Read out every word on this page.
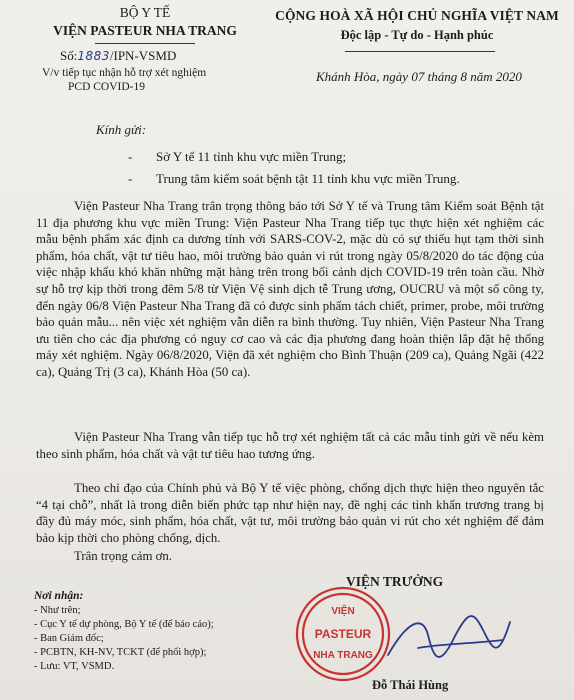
BỘ Y TẾ
VIỆN PASTEUR NHA TRANG
CỘNG HOÀ XÃ HỘI CHỦ NGHĨA VIỆT NAM
Độc lập - Tự do - Hạnh phúc
Số:1883/IPN-VSMD
Khánh Hòa, ngày 07 tháng 8 năm 2020
V/v tiếp tục nhận hỗ trợ xét nghiệm
PCD COVID-19
Kính gửi:
- Sở Y tế 11 tỉnh khu vực miền Trung;
- Trung tâm kiểm soát bệnh tật 11 tỉnh khu vực miền Trung.

Viện Pasteur Nha Trang trân trọng thông báo tới Sở Y tế và Trung tâm Kiểm soát Bệnh tật 11 địa phương khu vực miền Trung: Viện Pasteur Nha Trang tiếp tục thực hiện xét nghiệm các mẫu bệnh phẩm xác định ca dương tính với SARS-COV-2, mặc dù có sự thiếu hụt tạm thời sinh phẩm, hóa chất, vật tư tiêu hao, môi trường bảo quản vi rút trong ngày 05/8/2020 do tác động của việc nhập khẩu khó khăn những mặt hàng trên trong bối cảnh dịch COVID-19 trên toàn cầu. Nhờ sự hỗ trợ kịp thời trong đêm 5/8 từ Viện Vệ sinh dịch tễ Trung ương, OUCRU và một số công ty, đến ngày 06/8 Viện Pasteur Nha Trang đã có được sinh phẩm tách chiết, primer, probe, môi trường bảo quản mẫu... nên việc xét nghiệm vẫn diễn ra bình thường. Tuy nhiên, Viện Pasteur Nha Trang ưu tiên cho các địa phương có nguy cơ cao và các địa phương đang hoàn thiện lắp đặt hệ thống máy xét nghiệm. Ngày 06/8/2020, Viện đã xét nghiệm cho Bình Thuận (209 ca), Quảng Ngãi (422 ca), Quảng Trị (3 ca), Khánh Hòa (50 ca).

Viện Pasteur Nha Trang vẫn tiếp tục hỗ trợ xét nghiệm tất cả các mẫu tỉnh gửi về nếu kèm theo sinh phẩm, hóa chất và vật tư tiêu hao tương ứng.

Theo chỉ đạo của Chính phủ và Bộ Y tế việc phòng, chống dịch thực hiện theo nguyên tắc “4 tại chỗ”, nhất là trong diễn biến phức tạp như hiện nay, đề nghị các tỉnh khẩn trương trang bị đầy đủ máy móc, sinh phẩm, hóa chất, vật tư, môi trường bảo quản vi rút cho xét nghiệm để đảm bảo kịp thời cho phòng chống, dịch.

Trân trọng cảm ơn.

VIỆN TRƯỞNG
Nơi nhận:
- Như trên;
- Cục Y tế dự phòng, Bộ Y tế (để báo cáo);
- Ban Giám đốc;
- PCBTN, KH-NV, TCKT (để phối hợp);
- Lưu: VT, VSMD.
VIỆN
PASTEUR
NHA TRANG
Đỗ Thái Hùng
